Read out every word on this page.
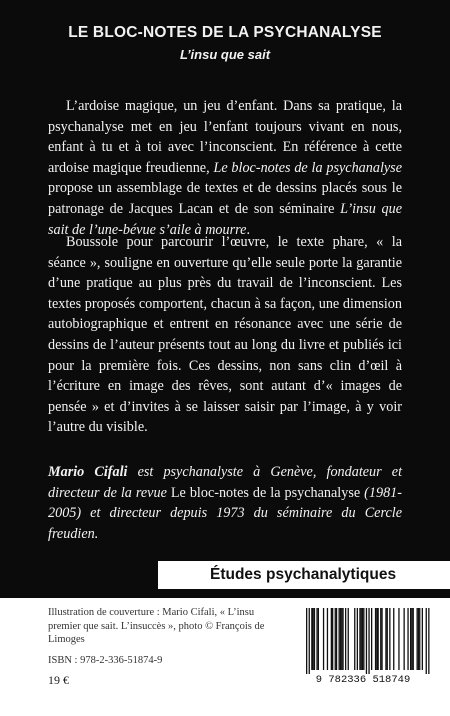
LE BLOC-NOTES DE LA PSYCHANALYSE
L’insu que sait

L’ardoise magique, un jeu d’enfant. Dans sa pratique, la psychanalyse met en jeu l’enfant toujours vivant en nous, enfant à tu et à toi avec l’inconscient. En référence à cette ardoise magique freudienne, Le bloc-notes de la psychanalyse propose un assemblage de textes et de dessins placés sous le patronage de Jacques Lacan et de son séminaire L’insu que sait de l’une-bévue s’aile à mourre.

Boussole pour parcourir l’œuvre, le texte phare, « la séance », souligne en ouverture qu’elle seule porte la garantie d’une pratique au plus près du travail de l’inconscient. Les textes proposés comportent, chacun à sa façon, une dimension autobiographique et entrent en résonance avec une série de dessins de l’auteur présents tout au long du livre et publiés ici pour la première fois. Ces dessins, non sans clin d’œil à l’écriture en image des rêves, sont autant d’« images de pensée » et d’invites à se laisser saisir par l’image, à y voir l’autre du visible.

Mario Cifali est psychanalyste à Genève, fondateur et directeur de la revue Le bloc-notes de la psychanalyse (1981-2005) et directeur depuis 1973 du séminaire du Cercle freudien.

Études psychanalytiques
Illustration de couverture : Mario Cifali, « L’insu premier que sait. L’insuccès », photo © François de Limoges
ISBN : 978-2-336-51874-9
19 €	9 782336 518749
